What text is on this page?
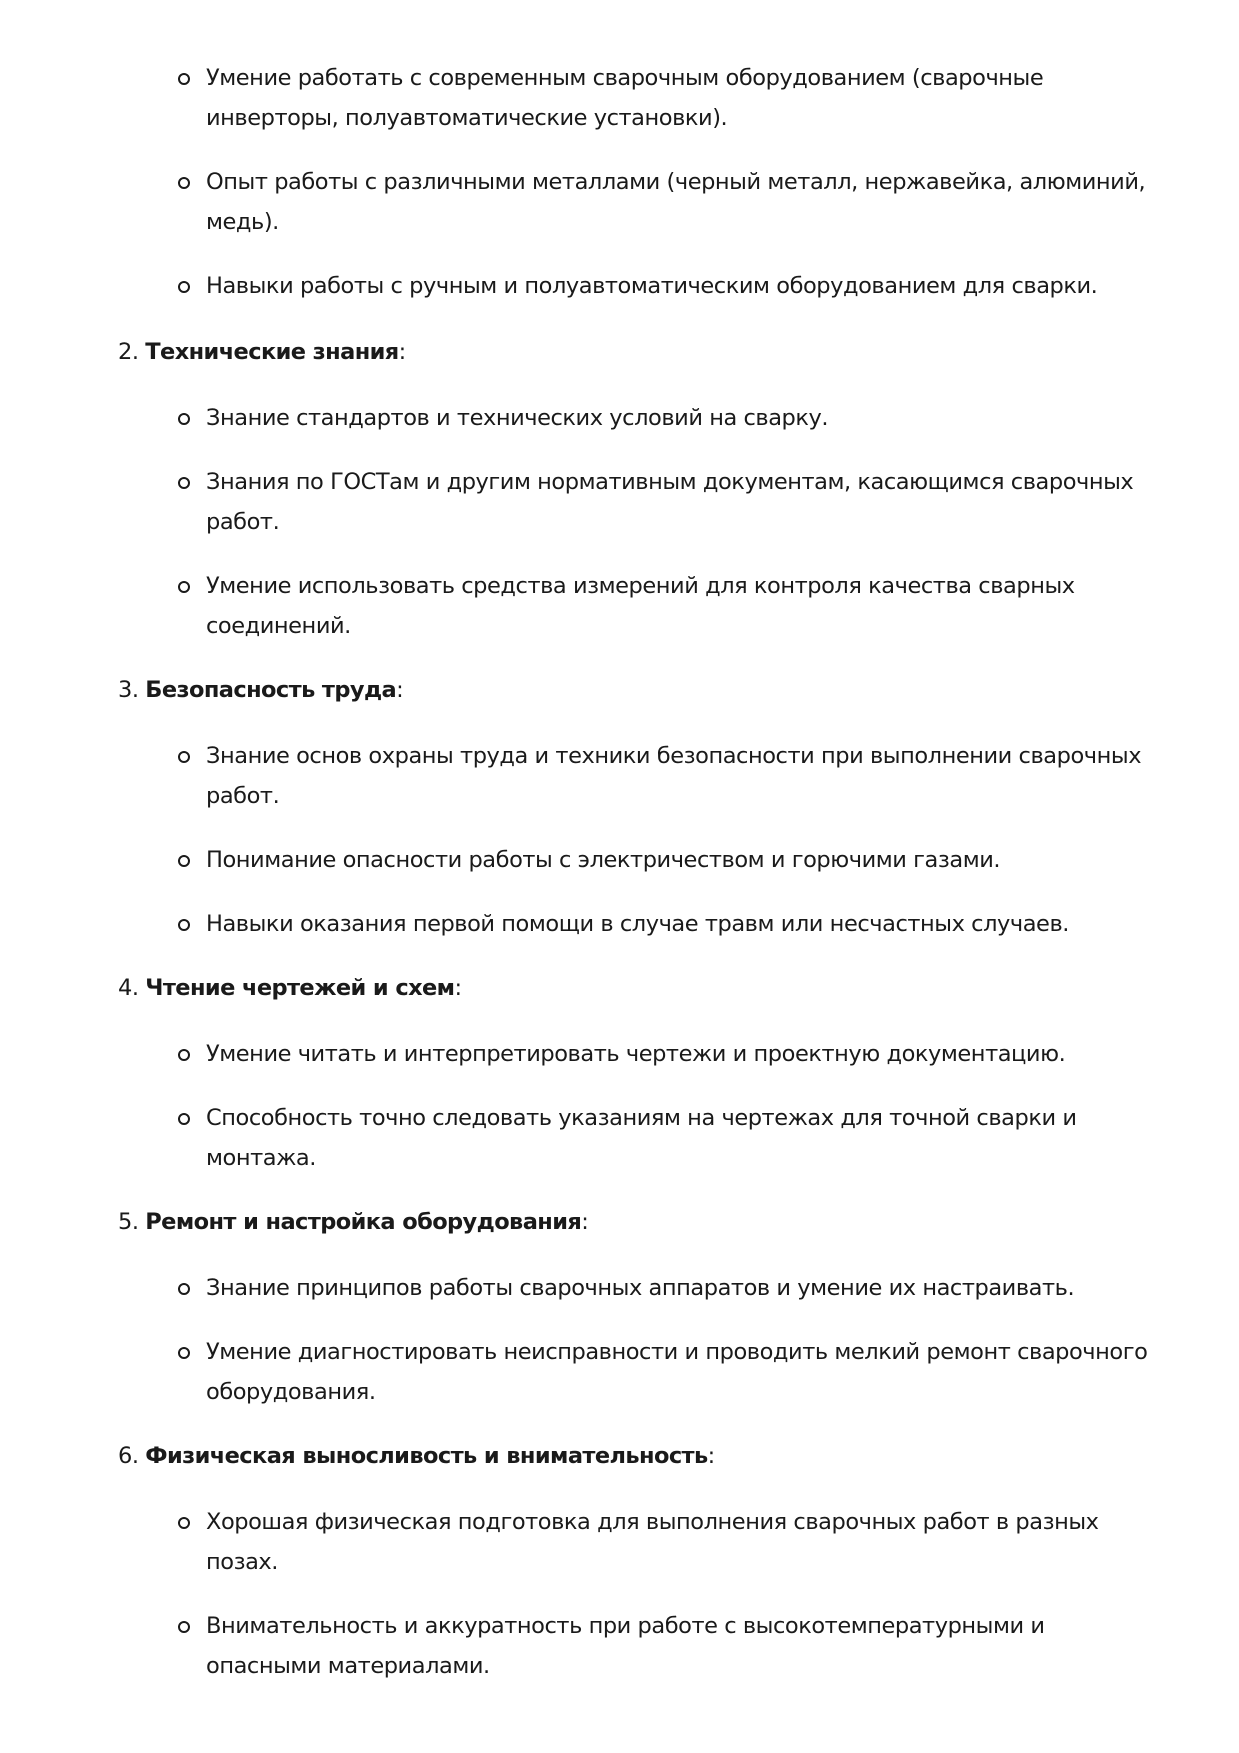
Умение работать с современным сварочным оборудованием (сварочные
инверторы, полуавтоматические установки).
Опыт работы с различными металлами (черный металл, нержавейка, алюминий,
медь).
Навыки работы с ручным и полуавтоматическим оборудованием для сварки.
2. Технические знания:
Знание стандартов и технических условий на сварку.
Знания по ГОСТам и другим нормативным документам, касающимся сварочных
работ.
Умение использовать средства измерений для контроля качества сварных
соединений.
3. Безопасность труда:
Знание основ охраны труда и техники безопасности при выполнении сварочных
работ.
Понимание опасности работы с электричеством и горючими газами.
Навыки оказания первой помощи в случае травм или несчастных случаев.
4. Чтение чертежей и схем:
Умение читать и интерпретировать чертежи и проектную документацию.
Способность точно следовать указаниям на чертежах для точной сварки и
монтажа.
5. Ремонт и настройка оборудования:
Знание принципов работы сварочных аппаратов и умение их настраивать.
Умение диагностировать неисправности и проводить мелкий ремонт сварочного
оборудования.
6. Физическая выносливость и внимательность:
Хорошая физическая подготовка для выполнения сварочных работ в разных
позах.
Внимательность и аккуратность при работе с высокотемпературными и
опасными материалами.
